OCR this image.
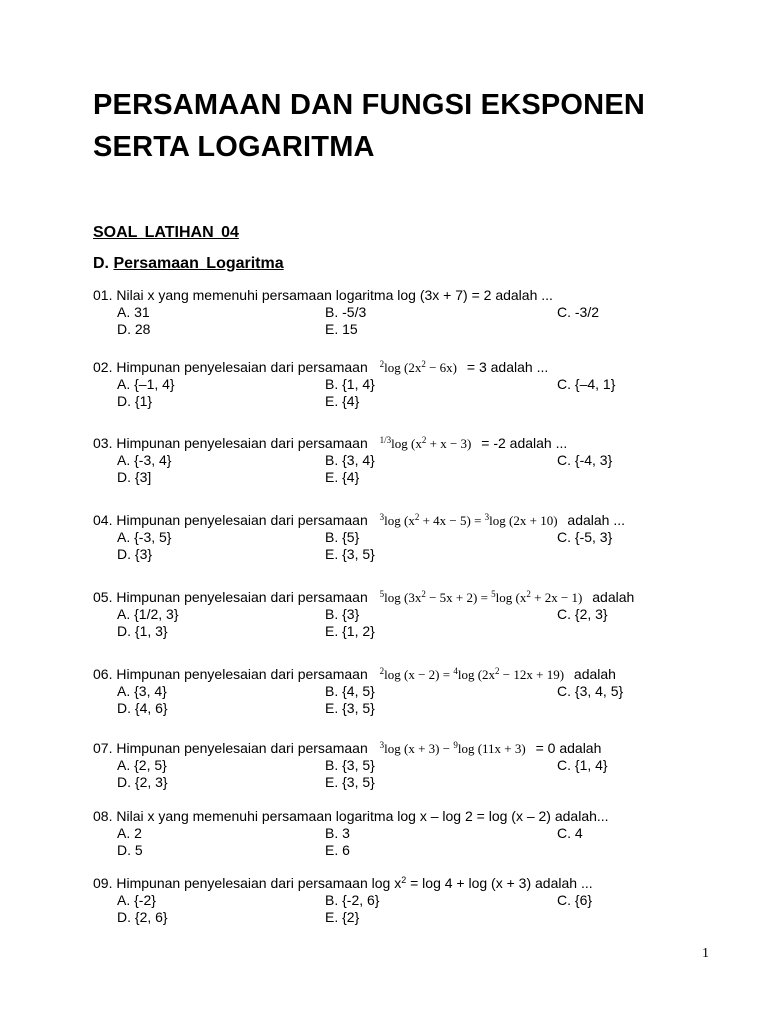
PERSAMAAN DAN FUNGSI EKSPONEN
SERTA LOGARITMA
SOAL LATIHAN 04
D. Persamaan Logaritma
01. Nilai x yang memenuhi persamaan logaritma log (3x + 7) = 2 adalah ...
A. 31	B. -5/3	C. -3/2
D. 28	E. 15
02. Himpunan penyelesaian dari persamaan $^2$log $(2x^2 - 6x) = 3$ adalah ...
A. {–1, 4}	B. {1, 4}	C. {–4, 1}
D. {1}	E. {4}
03. Himpunan penyelesaian dari persamaan $^{1/3}$log $(x^2 + x - 3) = -2$ adalah ...
A. {-3, 4}	B. {3, 4}	C. {-4, 3}
D. {3]	E. {4}
04. Himpunan penyelesaian dari persamaan $^3$log $(x^2 + 4x - 5) = ^3\log$ (2x + 10) adalah ...
A. {-3, 5}	B. {5}	C. {-5, 3}
D. {3}	E. {3, 5}
05. Himpunan penyelesaian dari persamaan $^5$log $(3x^2 - 5x + 2) = ^5\log$ $(x^2 + 2x - 1)$ adalah
A. {1/2, 3}	B. {3}	C. {2, 3}
D. {1, 3}	E. {1, 2}
06. Himpunan penyelesaian dari persamaan $^2$log (x − 2) = $^4$log $(2x^2 - 12x + 19)$ adalah
A. {3, 4}	B. {4, 5}	C. {3, 4, 5}
D. {4, 6}	E. {3, 5}
07. Himpunan penyelesaian dari persamaan $^3$log (x + 3) − $^9$log (11x + 3) = 0 adalah
A. {2, 5}	B. {3, 5}	C. {1, 4}
D. {2, 3}	E. {3, 5}
08. Nilai x yang memenuhi persamaan logaritma log x – log 2 = log (x – 2) adalah...
A. 2	B. 3	C. 4
D. 5	E. 6
09. Himpunan penyelesaian dari persamaan $\log x^2 = \log 4 + \log (x + 3)$ adalah ...
A. {-2}	B. {-2, 6}	C. {6}
D. {2, 6}	E. {2}
1
